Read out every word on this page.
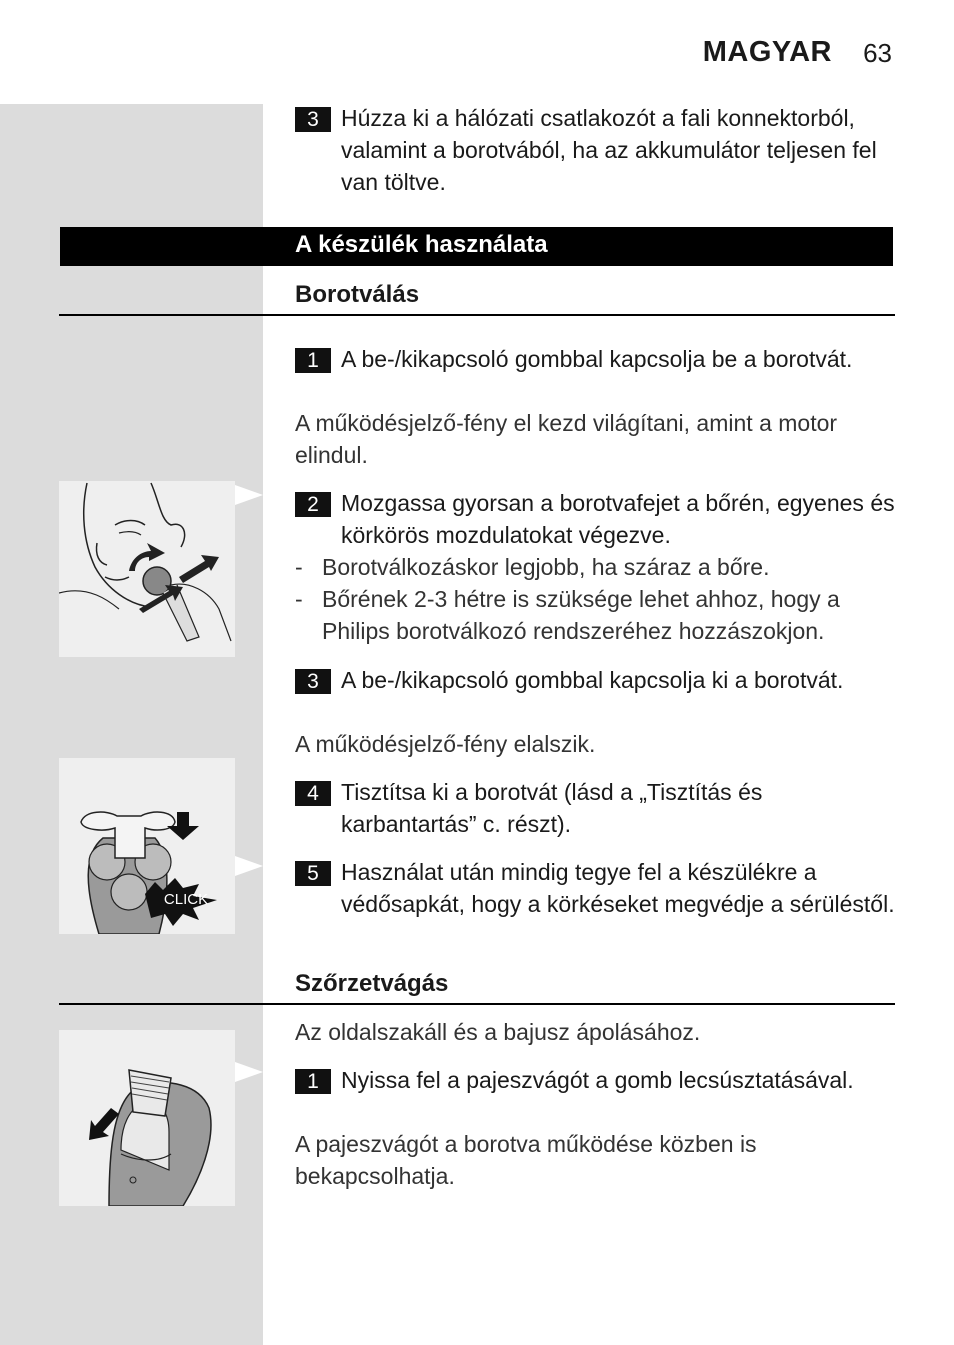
MAGYAR 63
3 Húzza ki a hálózati csatlakozót a fali konnektorból, valamint a borotvából, ha az akkumulátor teljesen fel van töltve.
A készülék használata
Borotválás
1 A be-/kikapcsoló gombbal kapcsolja be a borotvát.
A működésjelző-fény el kezd világítani, amint a motor elindul.
2 Mozgassa gyorsan a borotvafejet a bőrén, egyenes és körkörös mozdulatokat végezve.
- Borotválkozáskor legjobb, ha száraz a bőre.
- Bőrének 2-3 hétre is szüksége lehet ahhoz, hogy a Philips borotválkozó rendszeréhez hozzászokjon.
3 A be-/kikapcsoló gombbal kapcsolja ki a borotvát.
A működésjelző-fény elalszik.
4 Tisztítsa ki a borotvát (lásd a „Tisztítás és karbantartás” c. részt).
5 Használat után mindig tegye fel a készülékre a védősapkát, hogy a körkéseket megvédje a sérüléstől.
Szőrzetvágás
Az oldalszakáll és a bajusz ápolásához.
1 Nyissa fel a pajeszvágót a gomb lecsúsztatásával.
A pajeszvágót a borotva működése közben is bekapcsolhatja.
CLICK
